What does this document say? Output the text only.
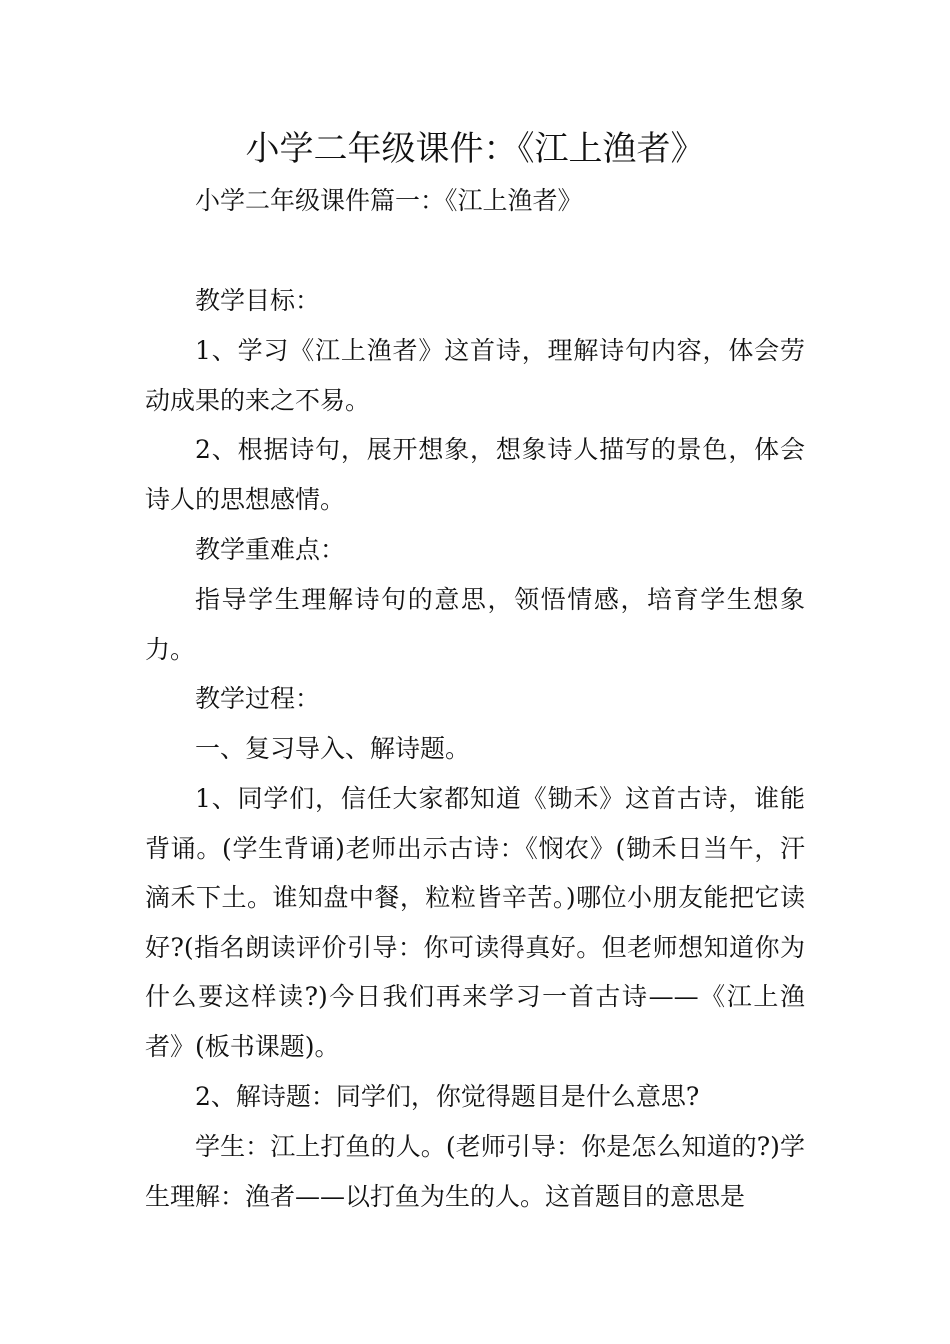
小学二年级课件：《江上渔者》

小学二年级课件篇一：《江上渔者》

教学目标：

1、学习《江上渔者》这首诗，理解诗句内容，体会劳动成果的来之不易。

2、根据诗句，展开想象，想象诗人描写的景色，体会诗人的思想感情。

教学重难点：

指导学生理解诗句的意思，领悟情感，培育学生想象力。

教学过程：

一、复习导入、解诗题。

1、同学们，信任大家都知道《锄禾》这首古诗，谁能背诵。(学生背诵)老师出示古诗：《悯农》(锄禾日当午，汗滴禾下土。谁知盘中餐，粒粒皆辛苦。)哪位小朋友能把它读好?(指名朗读评价引导：你可读得真好。但老师想知道你为什么要这样读?)今日我们再来学习一首古诗——《江上渔者》(板书课题)。

2、解诗题：同学们，你觉得题目是什么意思?

学生：江上打鱼的人。(老师引导：你是怎么知道的?)学生理解：渔者——以打鱼为生的人。这首题目的意思是
